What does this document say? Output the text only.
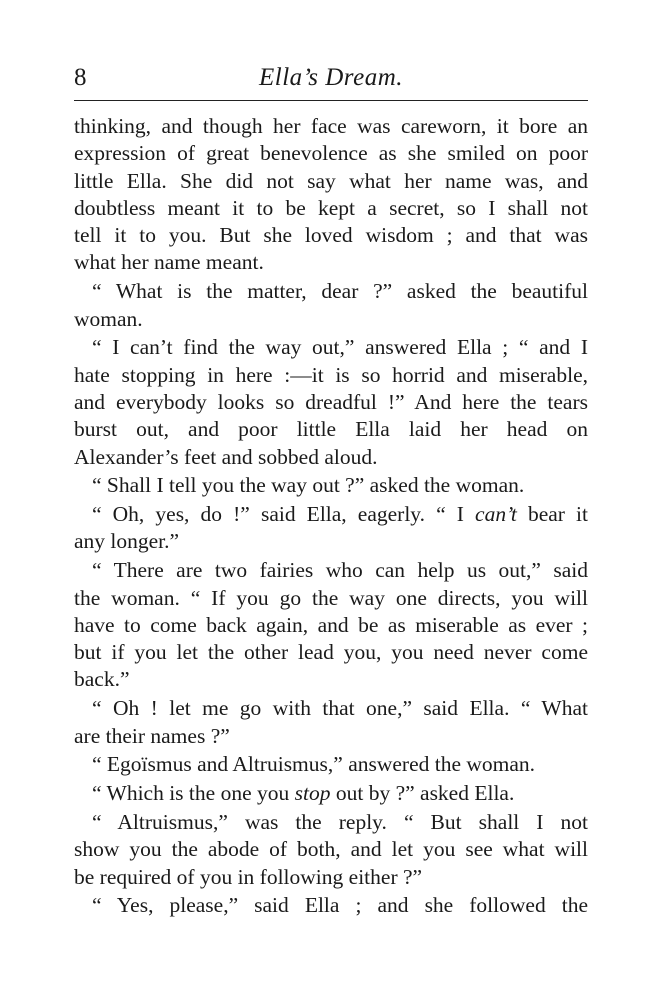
8	Ella’s Dream.
thinking, and though her face was careworn, it bore an
expression of great benevolence as she smiled on poor
little Ella. She did not say what her name was, and
doubtless meant it to be kept a secret, so I shall not
tell it to you. But she loved wisdom ; and that was
what her name meant.
“ What is the matter, dear ?” asked the beautiful
woman.
“ I can’t find the way out,” answered Ella ; “ and I
hate stopping in here :—it is so horrid and miserable,
and everybody looks so dreadful !” And here the tears
burst out, and poor little Ella laid her head on
Alexander’s feet and sobbed aloud.
“ Shall I tell you the way out ?” asked the woman.
“ Oh, yes, do !” said Ella, eagerly. “ I can’t bear it
any longer.”
“ There are two fairies who can help us out,” said
the woman. “ If you go the way one directs, you will
have to come back again, and be as miserable as ever ;
but if you let the other lead you, you need never come
back.”
“ Oh ! let me go with that one,” said Ella. “ What
are their names ?”
“ Egoïsmus and Altruismus,” answered the woman.
“ Which is the one you stop out by ?” asked Ella.
“ Altruismus,” was the reply. “ But shall I not
show you the abode of both, and let you see what will
be required of you in following either ?”
“ Yes, please,” said Ella ; and she followed the
